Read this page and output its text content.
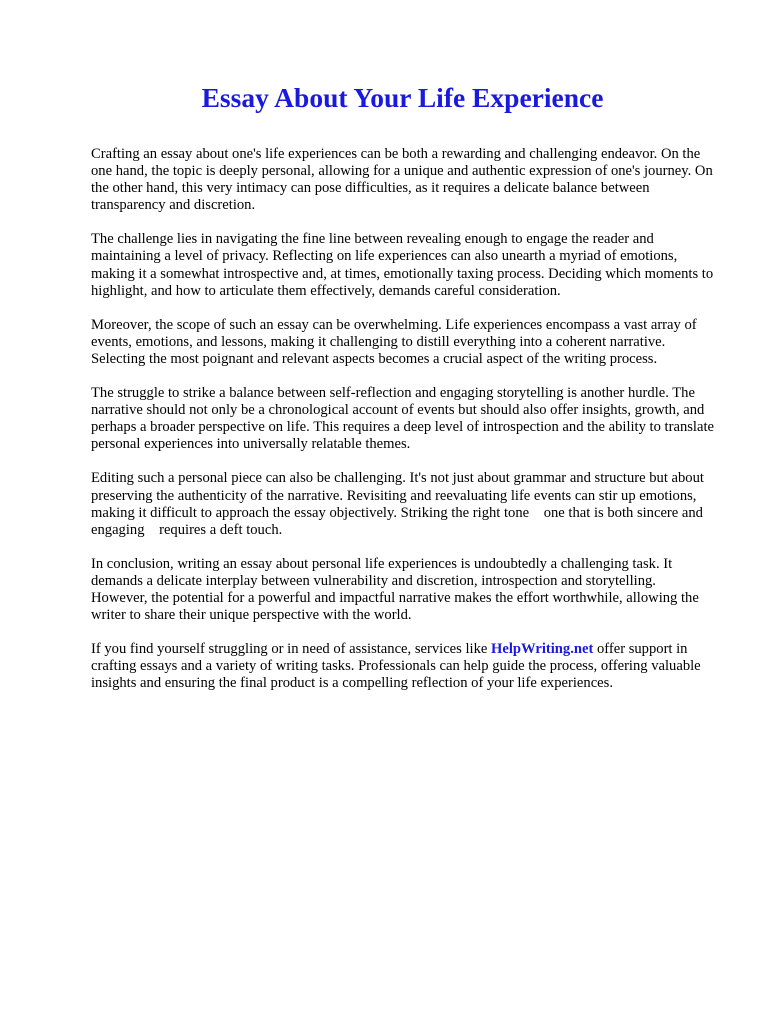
Essay About Your Life Experience

Crafting an essay about one's life experiences can be both a rewarding and challenging endeavor. On the one hand, the topic is deeply personal, allowing for a unique and authentic expression of one's journey. On the other hand, this very intimacy can pose difficulties, as it requires a delicate balance between transparency and discretion.

The challenge lies in navigating the fine line between revealing enough to engage the reader and maintaining a level of privacy. Reflecting on life experiences can also unearth a myriad of emotions, making it a somewhat introspective and, at times, emotionally taxing process. Deciding which moments to highlight, and how to articulate them effectively, demands careful consideration.

Moreover, the scope of such an essay can be overwhelming. Life experiences encompass a vast array of events, emotions, and lessons, making it challenging to distill everything into a coherent narrative. Selecting the most poignant and relevant aspects becomes a crucial aspect of the writing process.

The struggle to strike a balance between self-reflection and engaging storytelling is another hurdle. The narrative should not only be a chronological account of events but should also offer insights, growth, and perhaps a broader perspective on life. This requires a deep level of introspection and the ability to translate personal experiences into universally relatable themes.

Editing such a personal piece can also be challenging. It's not just about grammar and structure but about preserving the authenticity of the narrative. Revisiting and reevaluating life events can stir up emotions, making it difficult to approach the essay objectively. Striking the right tone    one that is both sincere and engaging    requires a deft touch.

In conclusion, writing an essay about personal life experiences is undoubtedly a challenging task. It demands a delicate interplay between vulnerability and discretion, introspection and storytelling. However, the potential for a powerful and impactful narrative makes the effort worthwhile, allowing the writer to share their unique perspective with the world.

If you find yourself struggling or in need of assistance, services like HelpWriting.net offer support in crafting essays and a variety of writing tasks. Professionals can help guide the process, offering valuable insights and ensuring the final product is a compelling reflection of your life experiences.
